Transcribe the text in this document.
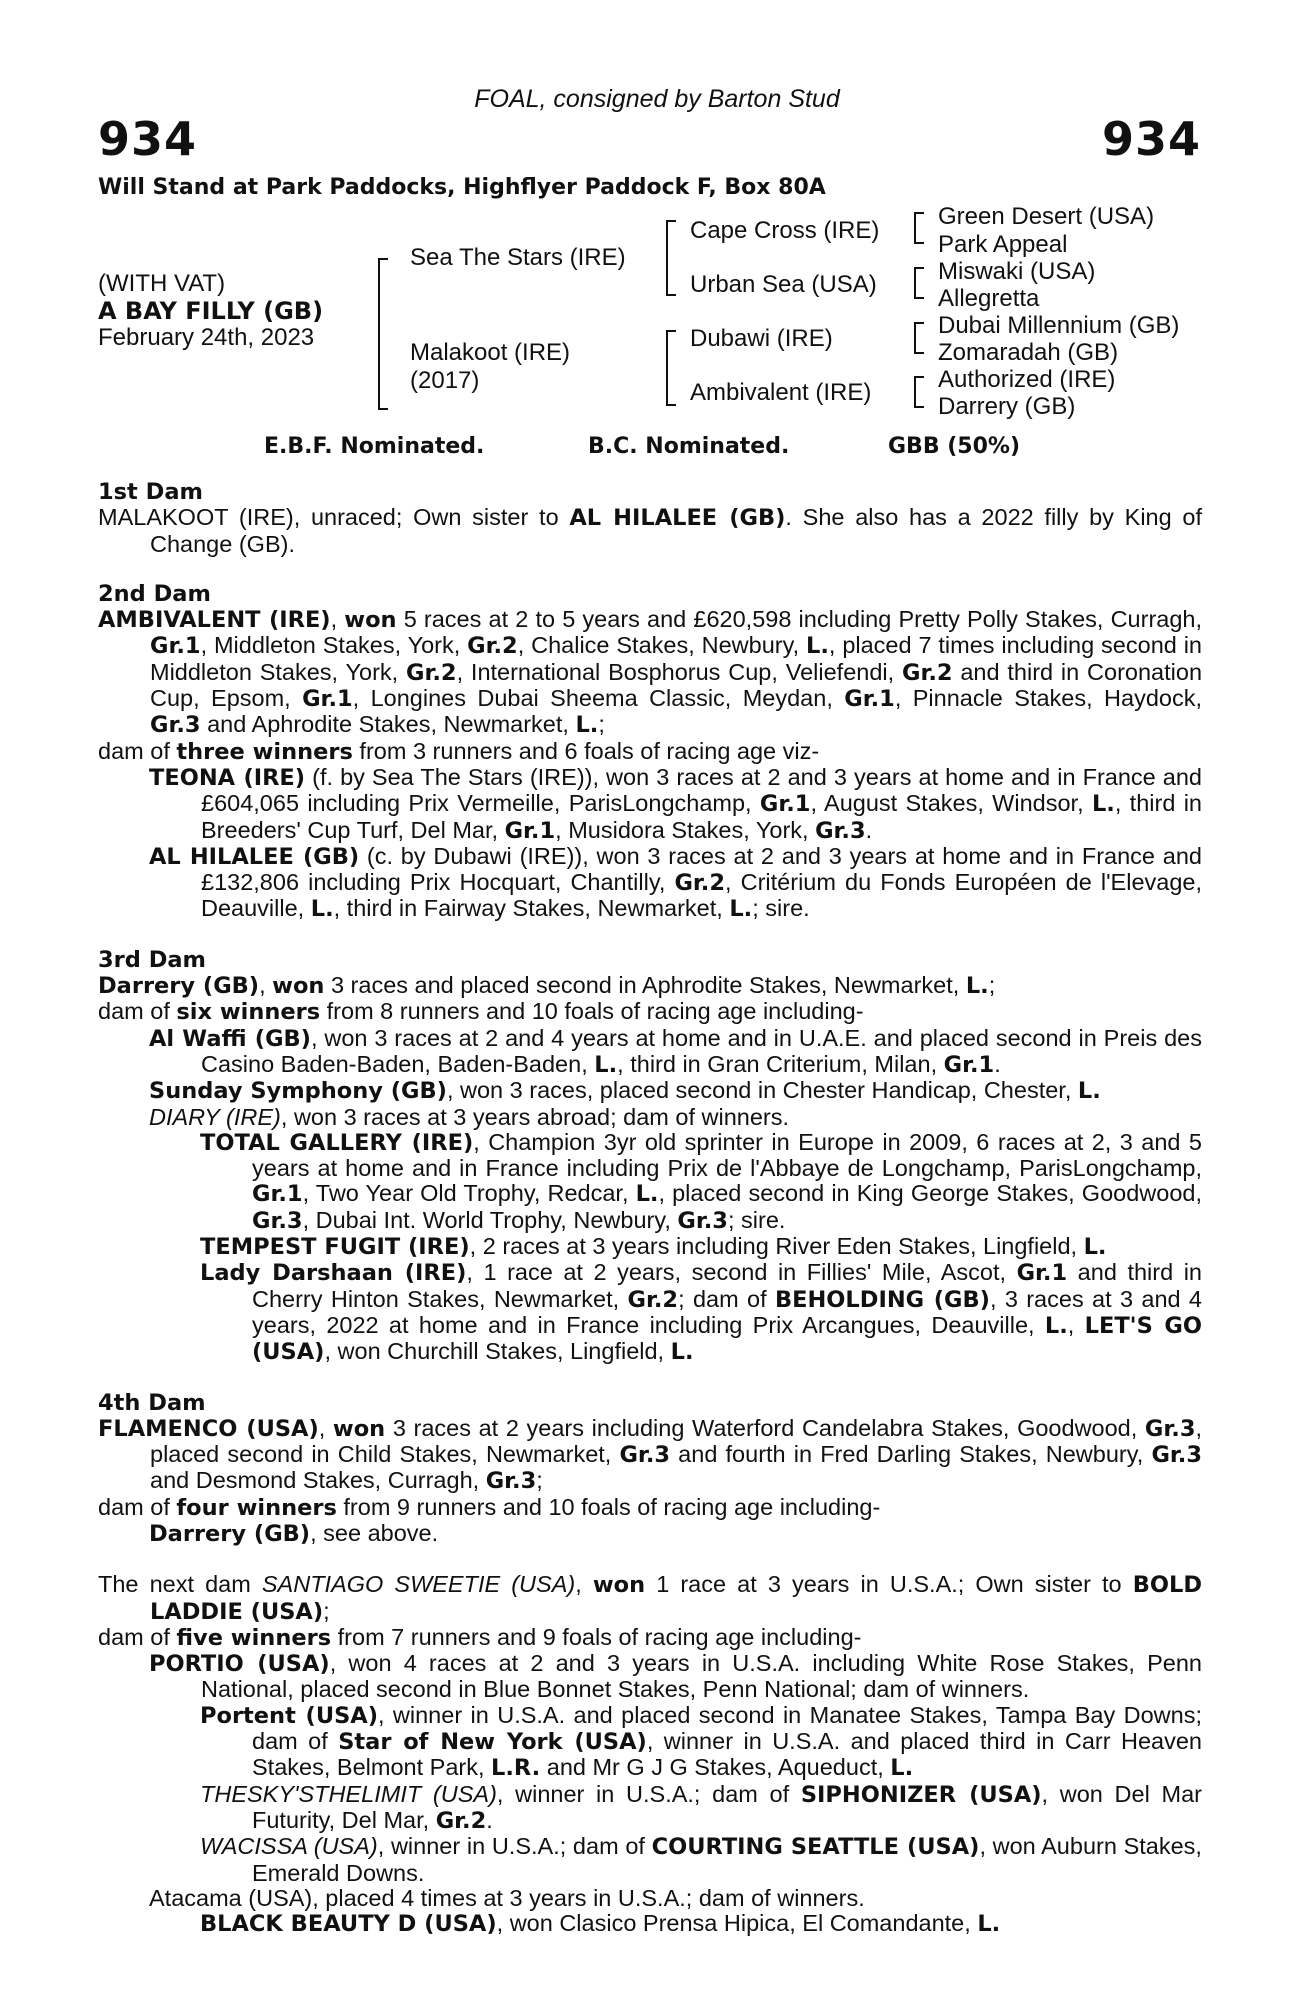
FOAL, consigned by Barton Stud
934	934
Will Stand at Park Paddocks, Highflyer Paddock F, Box 80A
(WITH VAT)
A BAY FILLY (GB)
February 24th, 2023
Sea The Stars (IRE)
Malakoot (IRE)
(2017)
Cape Cross (IRE)
Urban Sea (USA)
Dubawi (IRE)
Ambivalent (IRE)
Green Desert (USA)
Park Appeal
Miswaki (USA)
Allegretta
Dubai Millennium (GB)
Zomaradah (GB)
Authorized (IRE)
Darrery (GB)
E.B.F. Nominated.	B.C. Nominated.	GBB (50%)

1st Dam

MALAKOOT (IRE), unraced; Own sister to AL HILALEE (GB). She also has a 2022 filly by King of Change (GB).

2nd Dam

AMBIVALENT (IRE), won 5 races at 2 to 5 years and £620,598 including Pretty Polly Stakes, Curragh, Gr.1, Middleton Stakes, York, Gr.2, Chalice Stakes, Newbury, L., placed 7 times including second in Middleton Stakes, York, Gr.2, International Bosphorus Cup, Veliefendi, Gr.2 and third in Coronation Cup, Epsom, Gr.1, Longines Dubai Sheema Classic, Meydan, Gr.1, Pinnacle Stakes, Haydock, Gr.3 and Aphrodite Stakes, Newmarket, L.;

dam of three winners from 3 runners and 6 foals of racing age viz-

TEONA (IRE) (f. by Sea The Stars (IRE)), won 3 races at 2 and 3 years at home and in France and £604,065 including Prix Vermeille, ParisLongchamp, Gr.1, August Stakes, Windsor, L., third in Breeders' Cup Turf, Del Mar, Gr.1, Musidora Stakes, York, Gr.3.

AL HILALEE (GB) (c. by Dubawi (IRE)), won 3 races at 2 and 3 years at home and in France and £132,806 including Prix Hocquart, Chantilly, Gr.2, Critérium du Fonds Européen de l'Elevage, Deauville, L., third in Fairway Stakes, Newmarket, L.; sire.

3rd Dam

Darrery (GB), won 3 races and placed second in Aphrodite Stakes, Newmarket, L.;

dam of six winners from 8 runners and 10 foals of racing age including-

Al Waffi (GB), won 3 races at 2 and 4 years at home and in U.A.E. and placed second in Preis des Casino Baden-Baden, Baden-Baden, L., third in Gran Criterium, Milan, Gr.1.

Sunday Symphony (GB), won 3 races, placed second in Chester Handicap, Chester, L.

DIARY (IRE), won 3 races at 3 years abroad; dam of winners.

TOTAL GALLERY (IRE), Champion 3yr old sprinter in Europe in 2009, 6 races at 2, 3 and 5 years at home and in France including Prix de l'Abbaye de Longchamp, ParisLongchamp, Gr.1, Two Year Old Trophy, Redcar, L., placed second in King George Stakes, Goodwood, Gr.3, Dubai Int. World Trophy, Newbury, Gr.3; sire.

TEMPEST FUGIT (IRE), 2 races at 3 years including River Eden Stakes, Lingfield, L.

Lady Darshaan (IRE), 1 race at 2 years, second in Fillies' Mile, Ascot, Gr.1 and third in Cherry Hinton Stakes, Newmarket, Gr.2; dam of BEHOLDING (GB), 3 races at 3 and 4 years, 2022 at home and in France including Prix Arcangues, Deauville, L., LET'S GO (USA), won Churchill Stakes, Lingfield, L.

4th Dam

FLAMENCO (USA), won 3 races at 2 years including Waterford Candelabra Stakes, Goodwood, Gr.3, placed second in Child Stakes, Newmarket, Gr.3 and fourth in Fred Darling Stakes, Newbury, Gr.3 and Desmond Stakes, Curragh, Gr.3;

dam of four winners from 9 runners and 10 foals of racing age including-

Darrery (GB), see above.

The next dam SANTIAGO SWEETIE (USA), won 1 race at 3 years in U.S.A.; Own sister to BOLD LADDIE (USA);

dam of five winners from 7 runners and 9 foals of racing age including-

PORTIO (USA), won 4 races at 2 and 3 years in U.S.A. including White Rose Stakes, Penn National, placed second in Blue Bonnet Stakes, Penn National; dam of winners.

Portent (USA), winner in U.S.A. and placed second in Manatee Stakes, Tampa Bay Downs; dam of Star of New York (USA), winner in U.S.A. and placed third in Carr Heaven Stakes, Belmont Park, L.R. and Mr G J G Stakes, Aqueduct, L.

THESKY'STHELIMIT (USA), winner in U.S.A.; dam of SIPHONIZER (USA), won Del Mar Futurity, Del Mar, Gr.2.

WACISSA (USA), winner in U.S.A.; dam of COURTING SEATTLE (USA), won Auburn Stakes, Emerald Downs.

Atacama (USA), placed 4 times at 3 years in U.S.A.; dam of winners.

BLACK BEAUTY D (USA), won Clasico Prensa Hipica, El Comandante, L.
